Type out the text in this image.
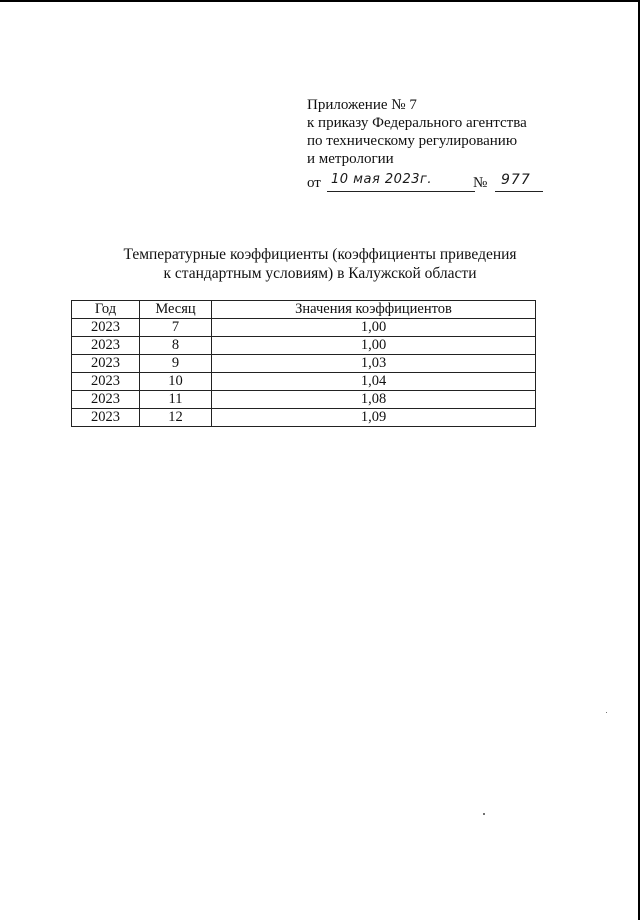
Приложение № 7
к приказу Федерального агентства
по техническому регулированию
и метрологии
от 10 мая 2023г.	№ 977
Температурные коэффициенты (коэффициенты приведения
к стандартным условиям) в Калужской области
Год	Месяц	Значения коэффициентов
2023	7	1,00
2023	8	1,00
2023	9	1,03
2023	10	1,04
2023	11	1,08
2023	12	1,09
